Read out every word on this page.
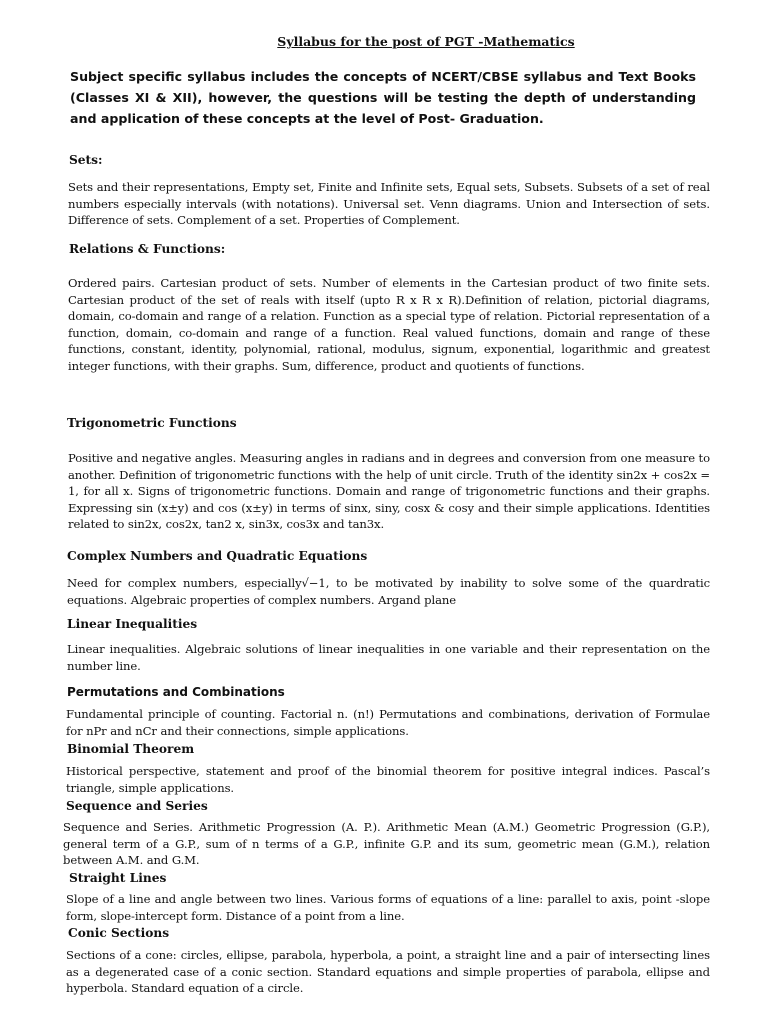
Syllabus for the post of PGT -Mathematics
Subject specific syllabus includes the concepts of NCERT/CBSE syllabus and Text Books (Classes XI & XII), however, the questions will be testing the depth of understanding and application of these concepts at the level of Post- Graduation.
Sets:
Sets and their representations, Empty set, Finite and Infinite sets, Equal sets, Subsets. Subsets of a set of real numbers especially intervals (with notations). Universal set. Venn diagrams. Union and Intersection of sets. Difference of sets. Complement of a set. Properties of Complement.
Relations & Functions:
Ordered pairs. Cartesian product of sets. Number of elements in the Cartesian product of two finite sets. Cartesian product of the set of reals with itself (upto R x R x R).Definition of relation, pictorial diagrams, domain, co-domain and range of a relation. Function as a special type of relation. Pictorial representation of a function, domain, co-domain and range of a function. Real valued functions, domain and range of these functions, constant, identity, polynomial, rational, modulus, signum, exponential, logarithmic and greatest integer functions, with their graphs. Sum, difference, product and quotients of functions.
Trigonometric Functions
Positive and negative angles. Measuring angles in radians and in degrees and conversion from one measure to another. Definition of trigonometric functions with the help of unit circle. Truth of the identity sin2x + cos2x = 1, for all x. Signs of trigonometric functions. Domain and range of trigonometric functions and their graphs. Expressing sin (x±y) and cos (x±y) in terms of sinx, siny, cosx & cosy and their simple applications. Identities related to sin2x, cos2x, tan2 x, sin3x, cos3x and tan3x.
Complex Numbers and Quadratic Equations
Need for complex numbers, especially√−1, to be motivated by inability to solve some of the quardratic equations. Algebraic properties of complex numbers. Argand plane
Linear Inequalities
Linear inequalities. Algebraic solutions of linear inequalities in one variable and their representation on the number line.
Permutations and Combinations
Fundamental principle of counting. Factorial n. (n!) Permutations and combinations, derivation of Formulae for nPr and nCr and their connections, simple applications.
Binomial Theorem
Historical perspective, statement and proof of the binomial theorem for positive integral indices. Pascal’s triangle, simple applications.
Sequence and Series
Sequence and Series. Arithmetic Progression (A. P.). Arithmetic Mean (A.M.) Geometric Progression (G.P.), general term of a G.P., sum of n terms of a G.P., infinite G.P. and its sum, geometric mean (G.M.), relation between A.M. and G.M.
Straight Lines
Slope of a line and angle between two lines. Various forms of equations of a line: parallel to axis, point -slope form, slope-intercept form. Distance of a point from a line.
Conic Sections
Sections of a cone: circles, ellipse, parabola, hyperbola, a point, a straight line and a pair of intersecting lines as a degenerated case of a conic section. Standard equations and simple properties of parabola, ellipse and hyperbola. Standard equation of a circle.
